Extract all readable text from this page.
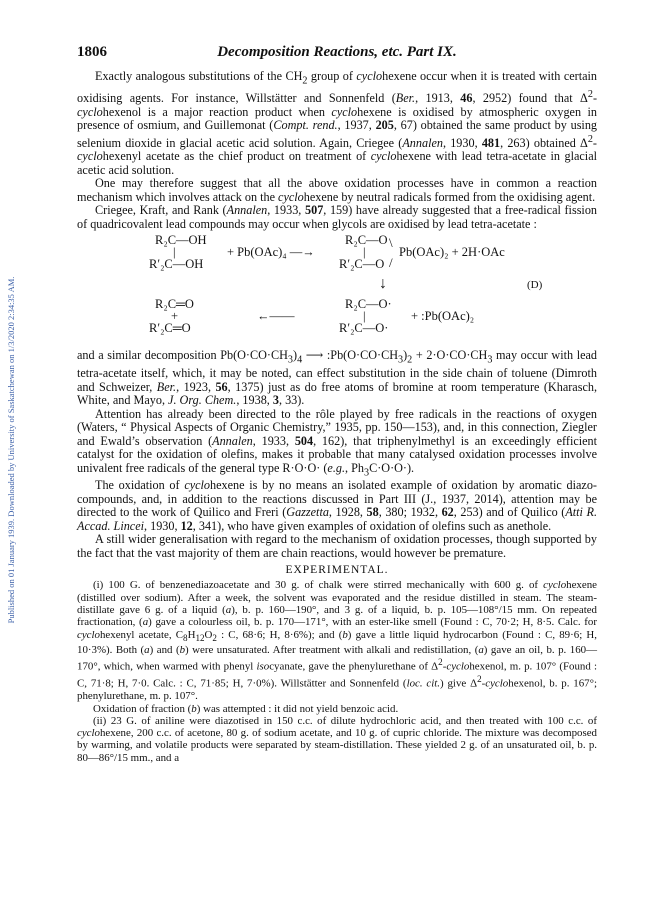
Published on 01 January 1939. Downloaded by University of Saskatchewan on 1/3/2020 2:34:35 AM.
1806	Decomposition Reactions, etc. Part IX.

Exactly analogous substitutions of the $CH_2$ group of cyclohexene occur when it is treated with certain oxidising agents. For instance, Willstätter and Sonnenfeld (Ber., 1913, 46, 2952) found that $\Delta^2$-cyclohexenol is a major reaction product when cyclohexene is oxidised by atmospheric oxygen in presence of osmium, and Guillemonat (Compt. rend., 1937, 205, 67) obtained the same product by using selenium dioxide in glacial acetic acid solution. Again, Criegee (Annalen, 1930, 481, 263) obtained $\Delta^2$-cyclohexenyl acetate as the chief product on treatment of cyclohexene with lead tetra-acetate in glacial acetic acid solution.

One may therefore suggest that all the above oxidation processes have in common a reaction mechanism which involves attack on the cyclohexene by neutral radicals formed from the oxidising agent.

Criegee, Kraft, and Rank (Annalen, 1933, 507, 159) have already suggested that a free-radical fission of quadricovalent lead compounds may occur when glycols are oxidised by lead tetra-acetate :

R₂C—OH
|
R′₂C—OH
+ Pb(OAc)₄ —→
R₂C—O
|
R′₂C—O
\
/
Pb(OAc)₂ + 2H·OAc
↓	(D)
R₂C═O
+
R′₂C═O
←——
R₂C—O·
|
R′₂C—O·
+ :Pb(OAc)₂

and a similar decomposition $Pb(O\cdot CO\cdot CH_3)_4$ ⟶ $:Pb(O\cdot CO\cdot CH_3)_2 + 2\cdot O\cdot CO\cdot CH_3$ may occur with lead tetra-acetate itself, which, it may be noted, can effect substitution in the side chain of toluene (Dimroth and Schweizer, Ber., 1923, 56, 1375) just as do free atoms of bromine at room temperature (Kharasch, White, and Mayo, J. Org. Chem., 1938, 3, 33).

Attention has already been directed to the rôle played by free radicals in the reactions of oxygen (Waters, “ Physical Aspects of Organic Chemistry,” 1935, pp. 150—153), and, in this connection, Ziegler and Ewald’s observation (Annalen, 1933, 504, 162), that triphenylmethyl is an exceedingly efficient catalyst for the oxidation of olefins, makes it probable that many catalysed oxidation processes involve univalent free radicals of the general type R·O·O· (e.g., $Ph_3C\cdot O\cdot O\cdot$).

The oxidation of cyclohexene is by no means an isolated example of oxidation by aromatic diazo-compounds, and, in addition to the reactions discussed in Part III (J., 1937, 2014), attention may be directed to the work of Quilico and Freri (Gazzetta, 1928, 58, 380; 1932, 62, 253) and of Quilico (Atti R. Accad. Lincei, 1930, 12, 341), who have given examples of oxidation of olefins such as anethole.

A still wider generalisation with regard to the mechanism of oxidation processes, though supported by the fact that the vast majority of them are chain reactions, would however be premature.

EXPERIMENTAL.

(i) 100 G. of benzenediazoacetate and 30 g. of chalk were stirred mechanically with 600 g. of cyclohexene (distilled over sodium). After a week, the solvent was evaporated and the residue distilled in steam. The steam-distillate gave 6 g. of a liquid (a), b. p. 160—190°, and 3 g. of a liquid, b. p. 105—108°/15 mm. On repeated fractionation, (a) gave a colourless oil, b. p. 170—171°, with an ester-like smell (Found : C, 70·2; H, 8·5. Calc. for cyclohexenyl acetate, $C_8H_{12}O_2$ : C, 68·6; H, 8·6%); and (b) gave a little liquid hydrocarbon (Found : C, 89·6; H, 10·3%). Both (a) and (b) were unsaturated. After treatment with alkali and redistillation, (a) gave an oil, b. p. 160—170°, which, when warmed with phenyl isocyanate, gave the phenylurethane of $\Delta^2$-cyclohexenol, m. p. 107° (Found : C, 71·8; H, 7·0. Calc. : C, 71·85; H, 7·0%). Willstätter and Sonnenfeld (loc. cit.) give $\Delta^2$-cyclohexenol, b. p. 167°; phenylurethane, m. p. 107°.

Oxidation of fraction (b) was attempted : it did not yield benzoic acid.

(ii) 23 G. of aniline were diazotised in 150 c.c. of dilute hydrochloric acid, and then treated with 100 c.c. of cyclohexene, 200 c.c. of acetone, 80 g. of sodium acetate, and 10 g. of cupric chloride. The mixture was decomposed by warming, and volatile products were separated by steam-distillation. These yielded 2 g. of an unsaturated oil, b. p. 80—86°/15 mm., and a
